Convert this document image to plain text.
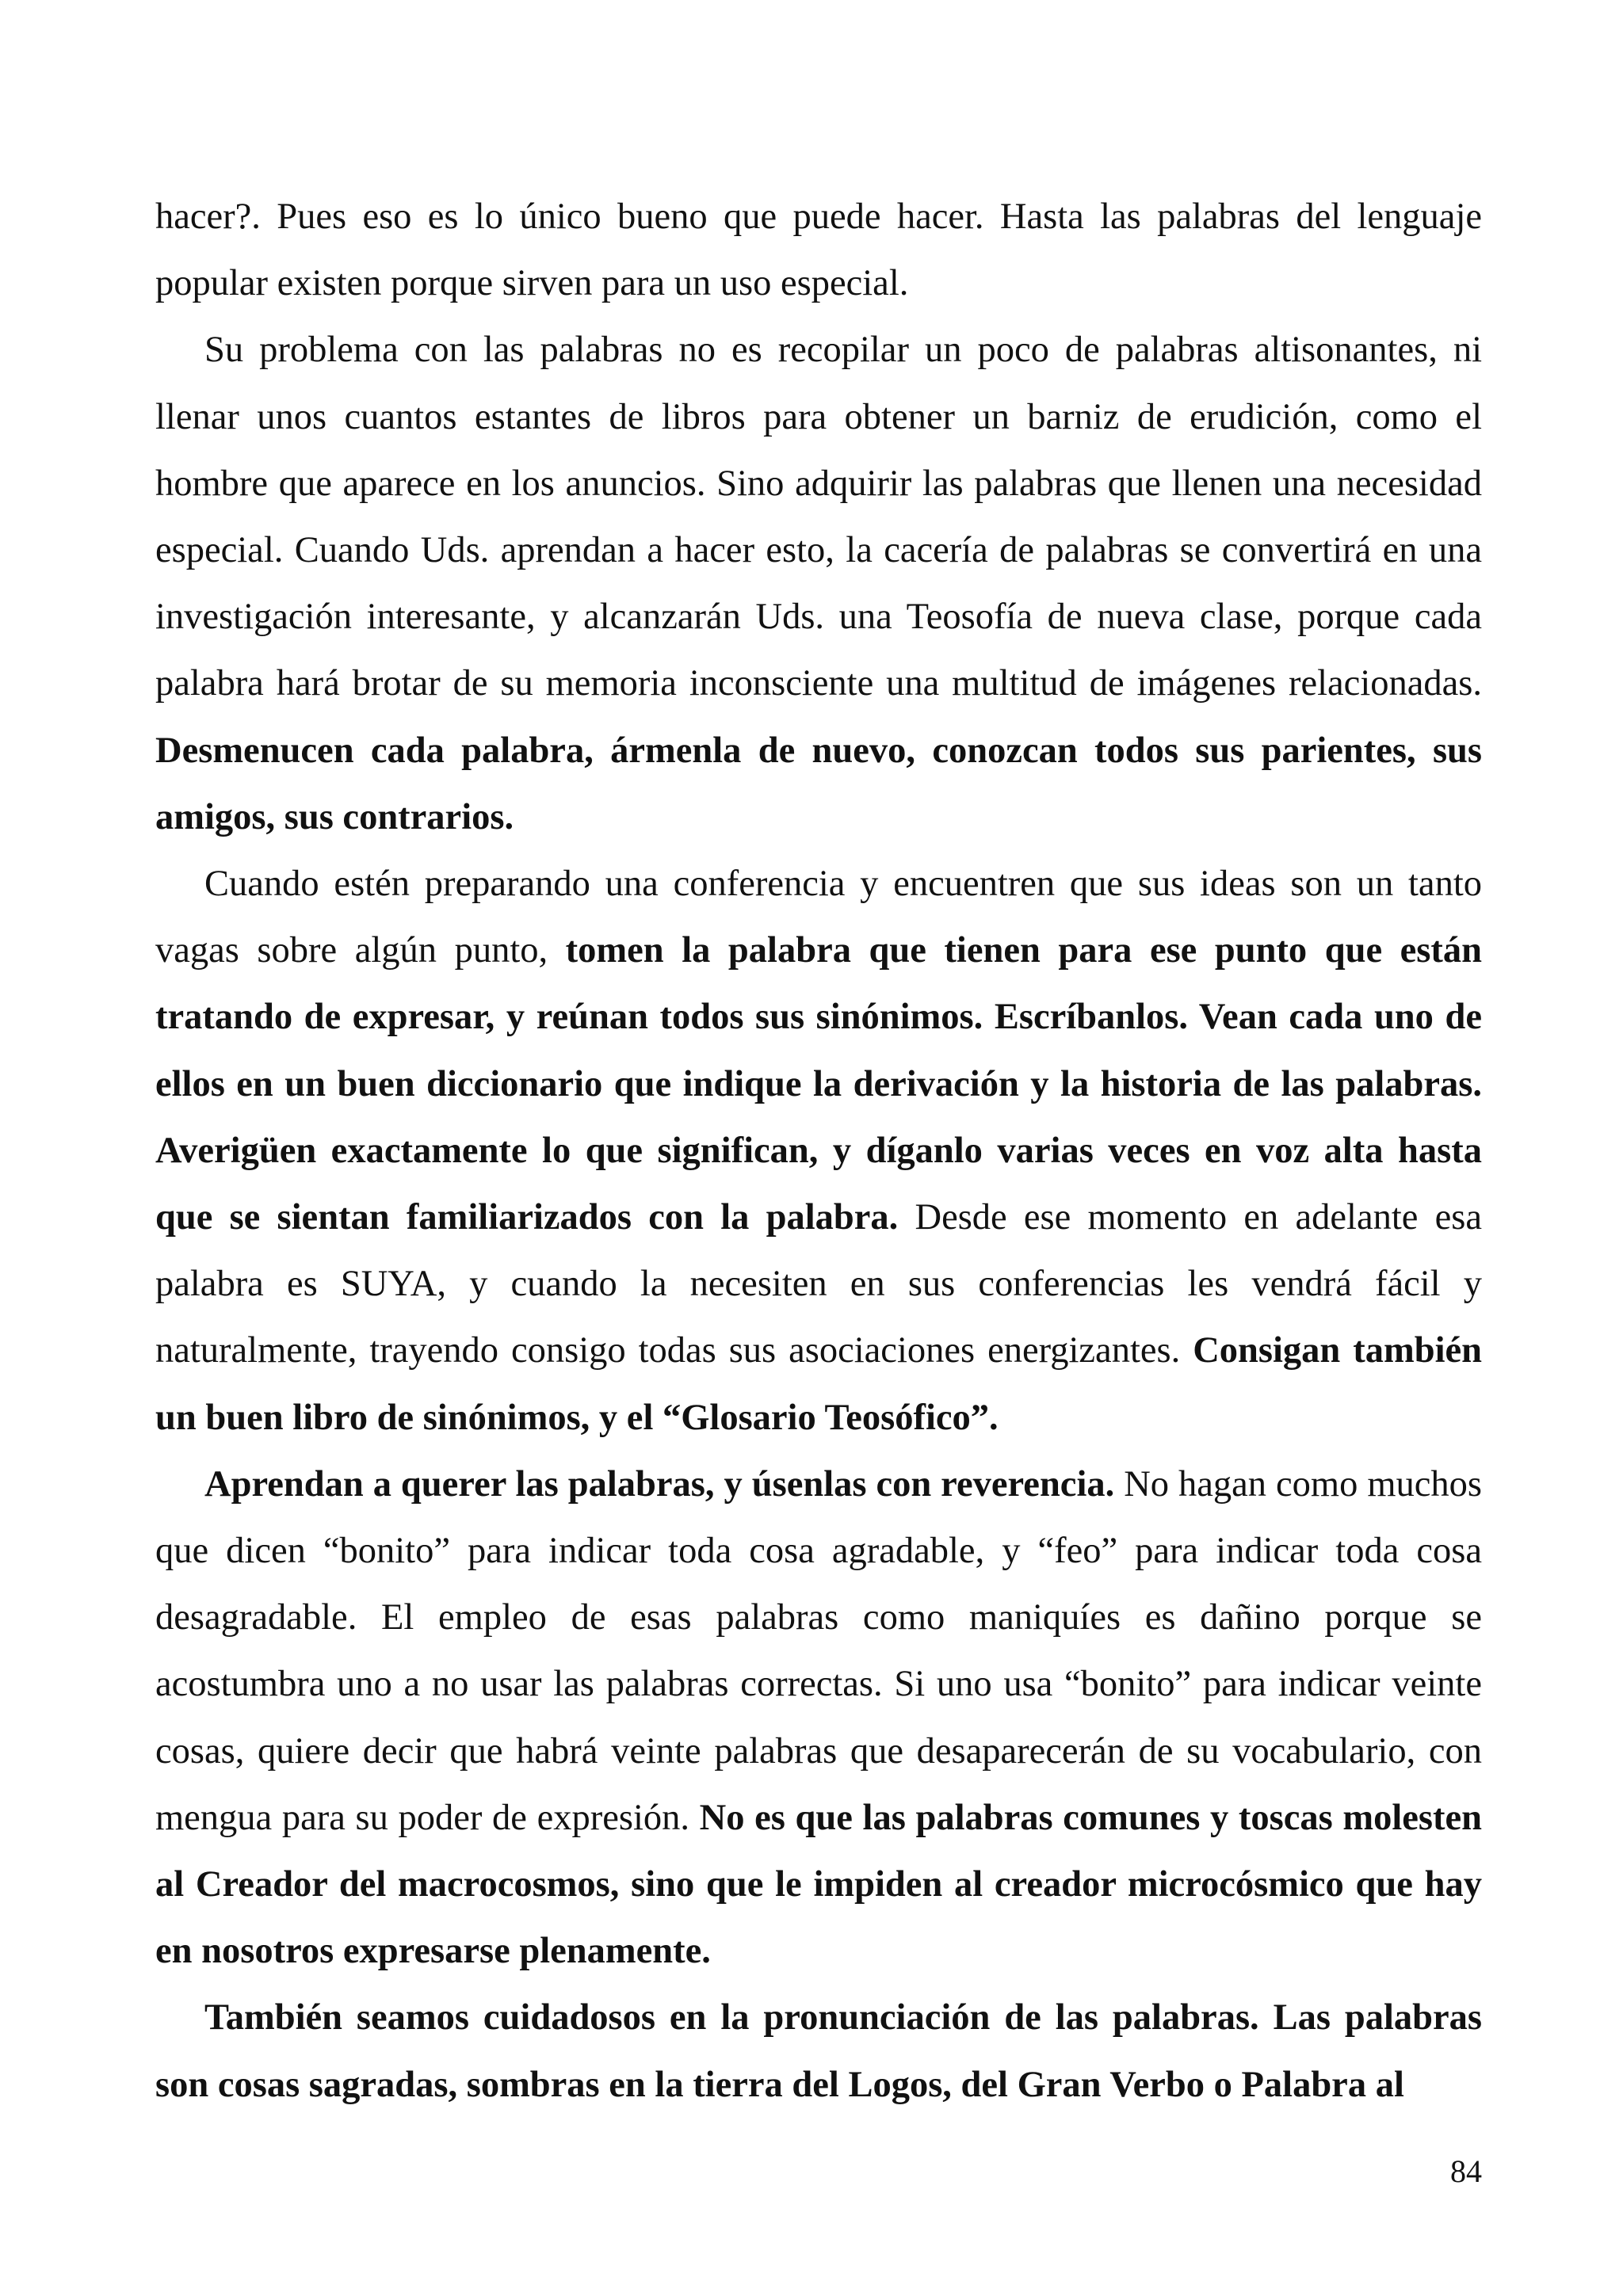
hacer?. Pues eso es lo único bueno que puede hacer. Hasta las palabras del lenguaje popular existen porque sirven para un uso especial.

Su problema con las palabras no es recopilar un poco de palabras altisonantes, ni llenar unos cuantos estantes de libros para obtener un barniz de erudición, como el hombre que aparece en los anuncios. Sino adquirir las palabras que llenen una necesidad especial. Cuando Uds. aprendan a hacer esto, la cacería de palabras se convertirá en una investigación interesante, y alcanzarán Uds. una Teosofía de nueva clase, porque cada palabra hará brotar de su memoria inconsciente una multitud de imágenes relacionadas. Desmenucen cada palabra, ármenla de nuevo, conozcan todos sus parientes, sus amigos, sus contrarios.

Cuando estén preparando una conferencia y encuentren que sus ideas son un tanto vagas sobre algún punto, tomen la palabra que tienen para ese punto que están tratando de expresar, y reúnan todos sus sinónimos. Escríbanlos. Vean cada uno de ellos en un buen diccionario que indique la derivación y la historia de las palabras. Averigüen exactamente lo que significan, y díganlo varias veces en voz alta hasta que se sientan familiarizados con la palabra. Desde ese momento en adelante esa palabra es SUYA, y cuando la necesiten en sus conferencias les vendrá fácil y naturalmente, trayendo consigo todas sus asociaciones energizantes. Consigan también un buen libro de sinónimos, y el “Glosario Teosófico”.

Aprendan a querer las palabras, y úsenlas con reverencia. No hagan como muchos que dicen “bonito” para indicar toda cosa agradable, y “feo” para indicar toda cosa desagradable. El empleo de esas palabras como maniquíes es dañino porque se acostumbra uno a no usar las palabras correctas. Si uno usa “bonito” para indicar veinte cosas, quiere decir que habrá veinte palabras que desaparecerán de su vocabulario, con mengua para su poder de expresión. No es que las palabras comunes y toscas molesten al Creador del macrocosmos, sino que le impiden al creador microcósmico que hay en nosotros expresarse plenamente.

También seamos cuidadosos en la pronunciación de las palabras. Las palabras son cosas sagradas, sombras en la tierra del Logos, del Gran Verbo o Palabra al

84
